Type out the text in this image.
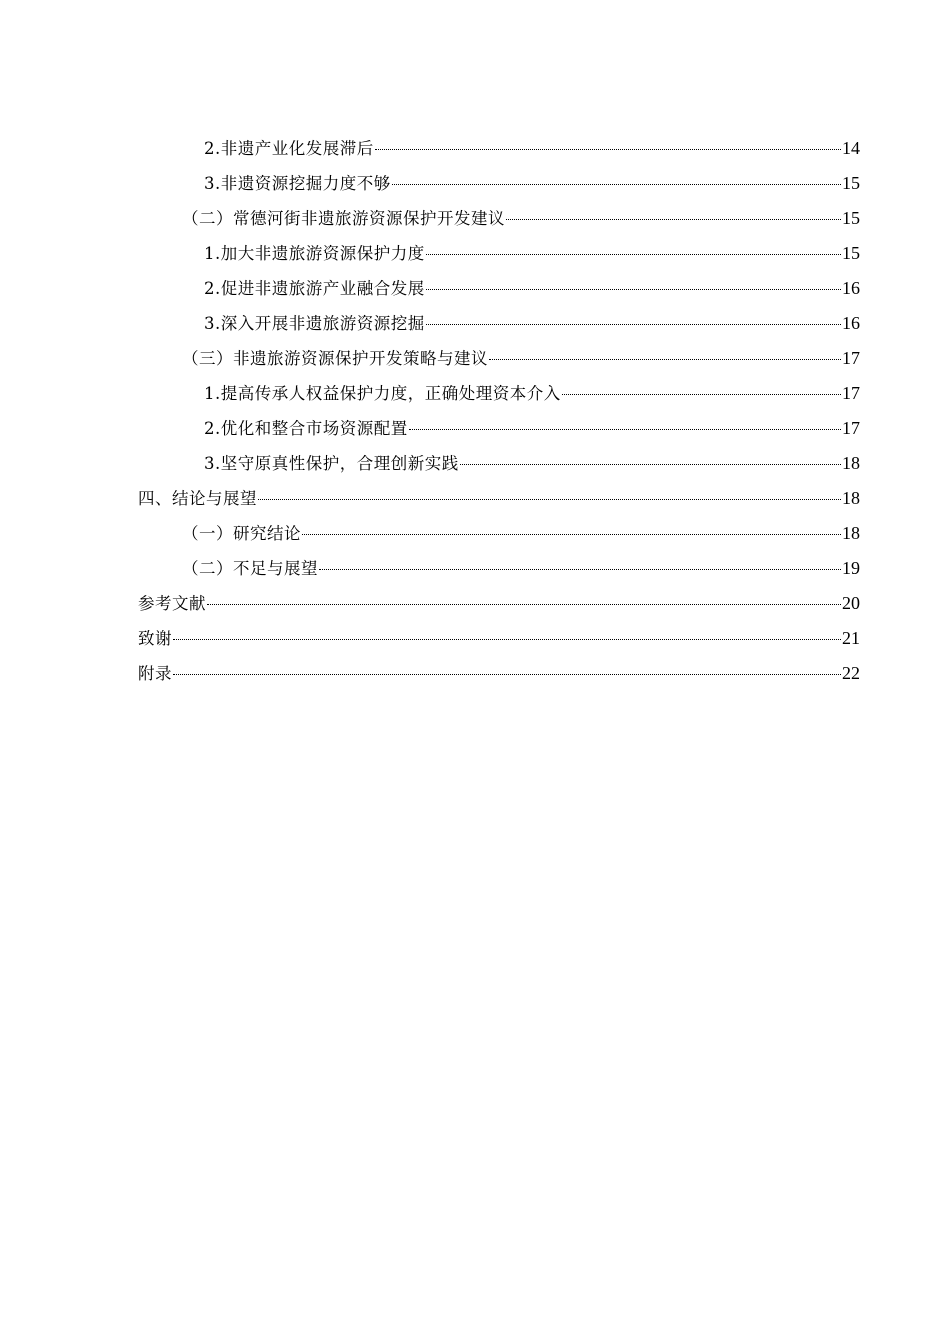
2.非遗产业化发展滞后	14
3.非遗资源挖掘力度不够	15
（二）常德河街非遗旅游资源保护开发建议	15
1.加大非遗旅游资源保护力度	15
2.促进非遗旅游产业融合发展	16
3.深入开展非遗旅游资源挖掘	16
（三）非遗旅游资源保护开发策略与建议	17
1.提高传承人权益保护力度，正确处理资本介入	17
2.优化和整合市场资源配置	17
3.坚守原真性保护，合理创新实践	18
四、结论与展望	18
（一）研究结论	18
（二）不足与展望	19
参考文献	20
致谢	21
附录	22
